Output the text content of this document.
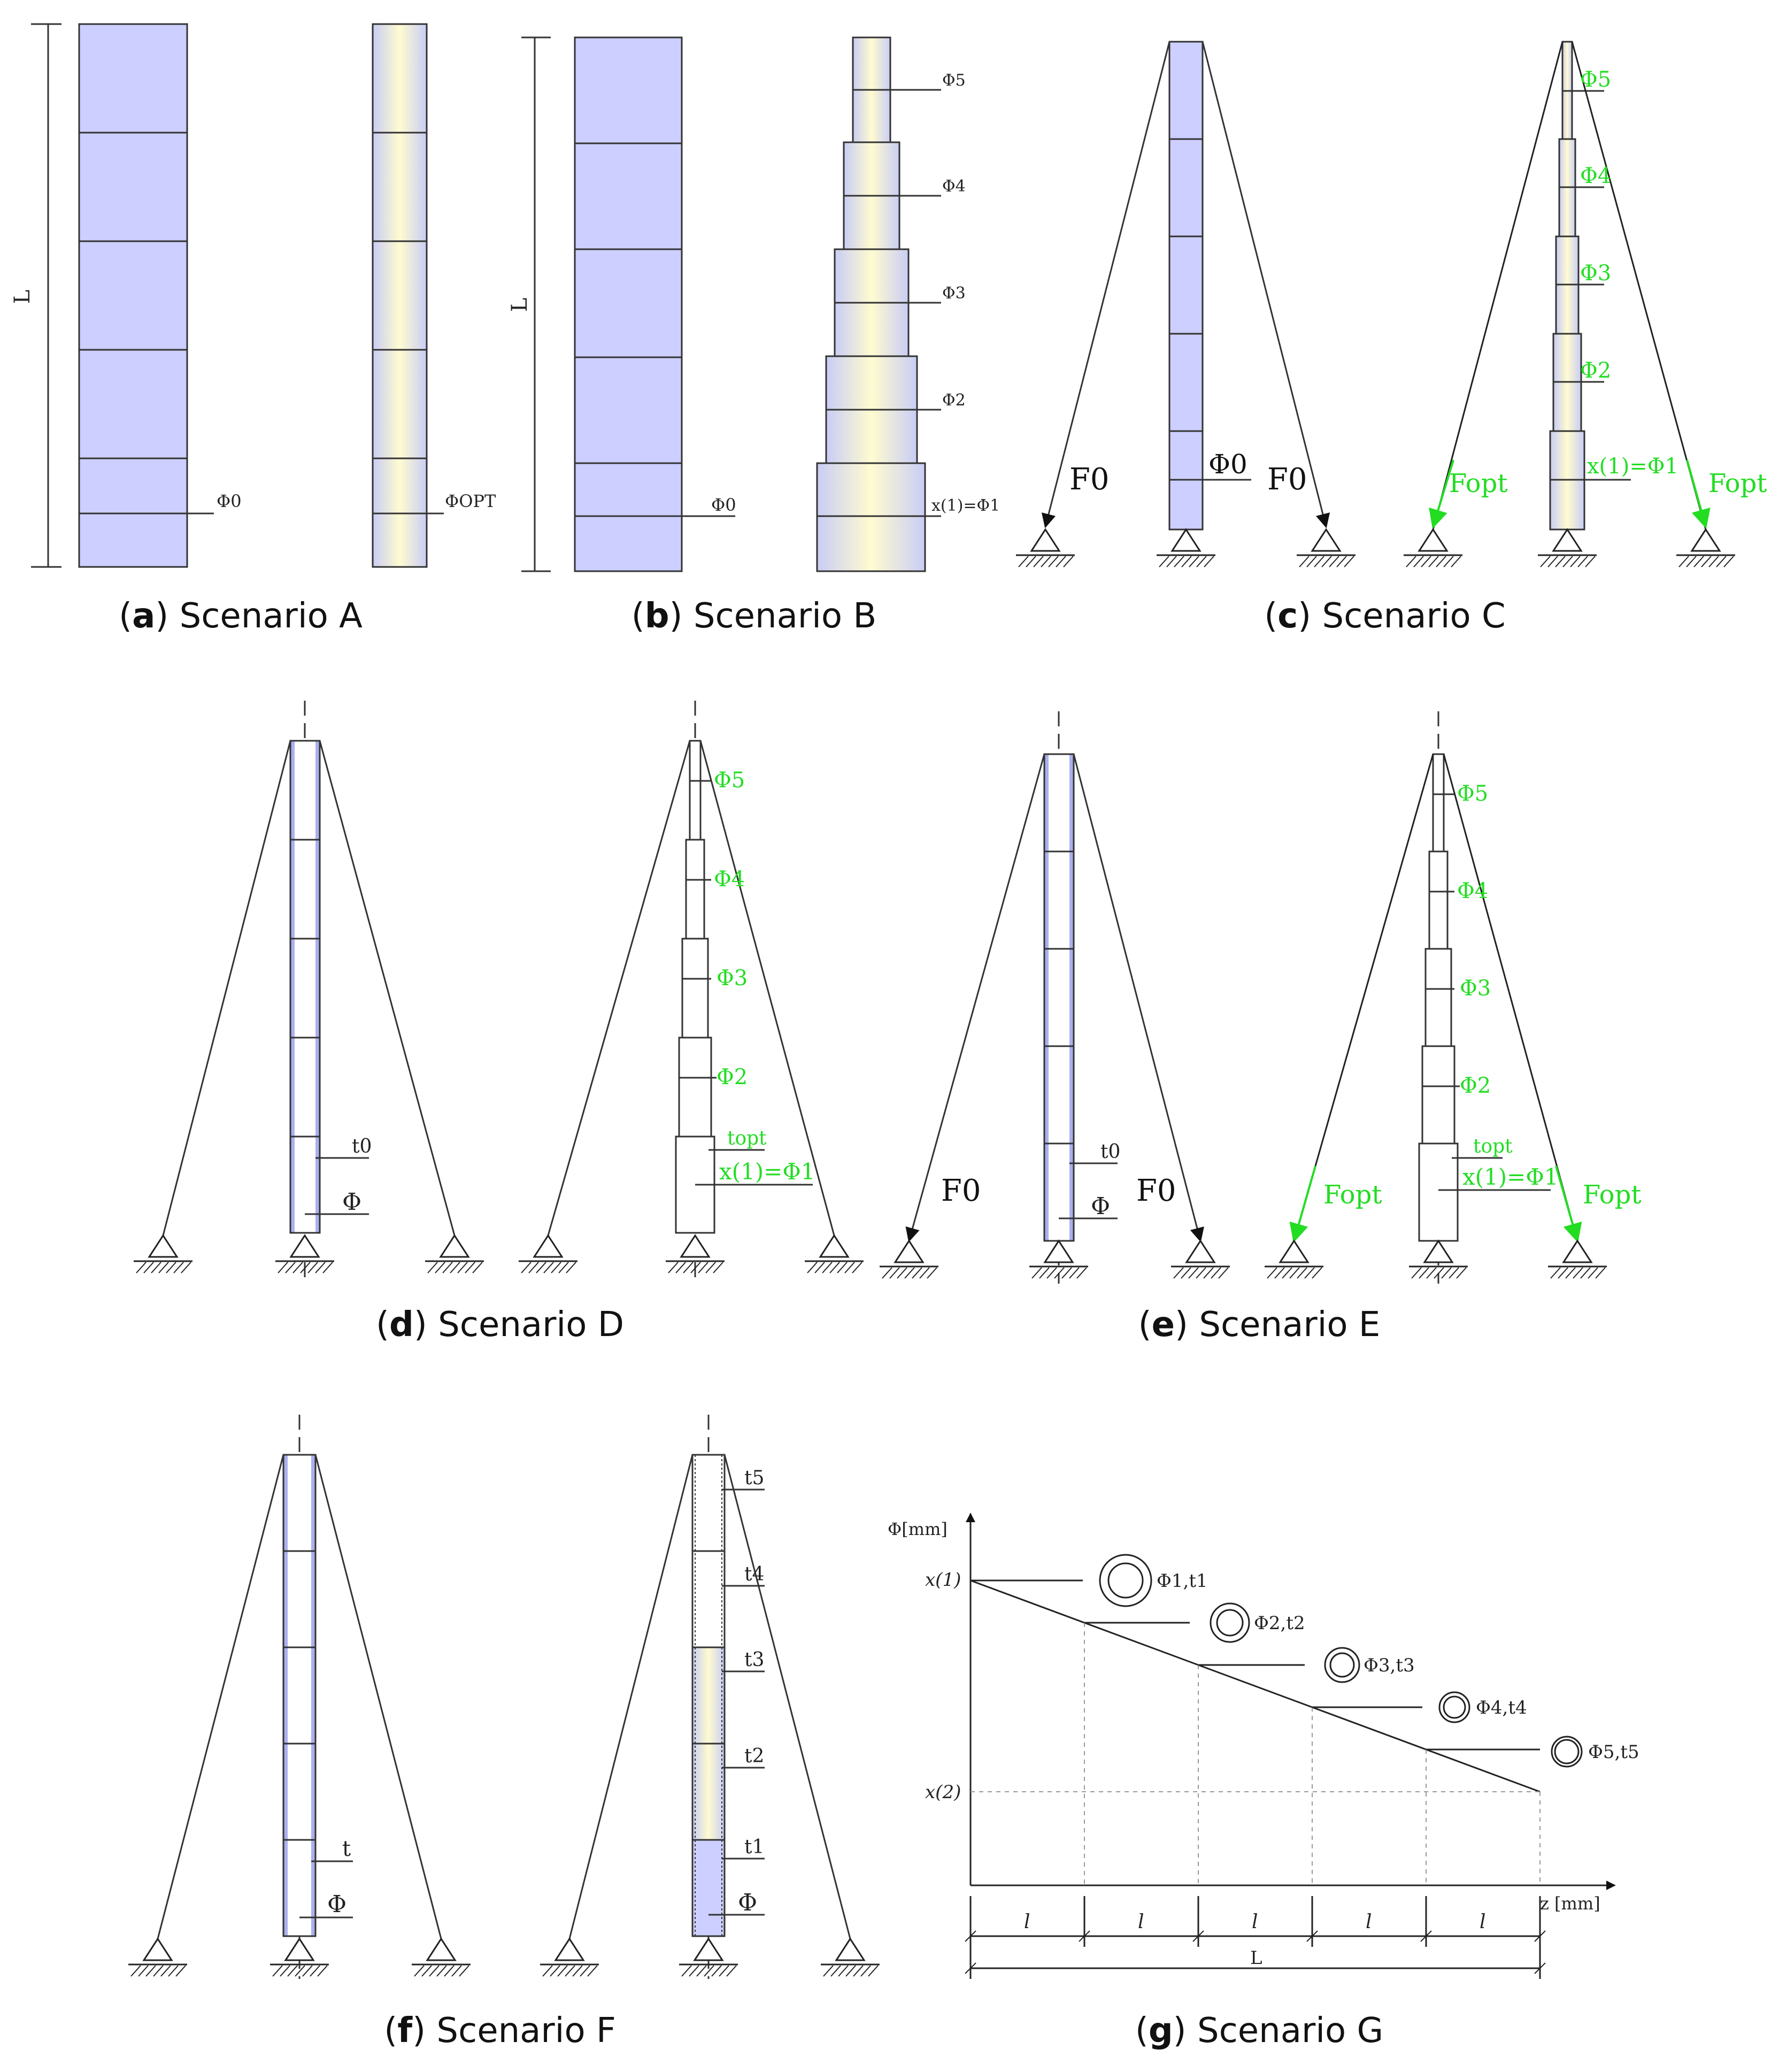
L
Φ0	ΦOPT
L
Φ0
Φ5
Φ4
Φ3
Φ2
x(1)=Φ1
F0	Φ0 F0
Φ5
Φ4
Φ3
Φ2
x(1)=Φ1
Fopt	Fopt
t0
Φ
Φ5
Φ4
Φ3
Φ2
topt
x(1)=Φ1
F0
t0
Φ F0
Φ5
Φ4
Φ3
Φ2
topt
x(1)=Φ1
Fopt	Fopt
t
Φ
t5
t4
t3
t2
t1
Φ
Φ[mm]
z [mm]
x(1)
x(2)
l	l	l	l	l
L
Φ1,t1
Φ2,t2
Φ3,t3
Φ4,t4
Φ5,t5
(a) Scenario A	(b) Scenario B	(c) Scenario C
(d) Scenario D	(e) Scenario E
(f) Scenario F	(g) Scenario G
